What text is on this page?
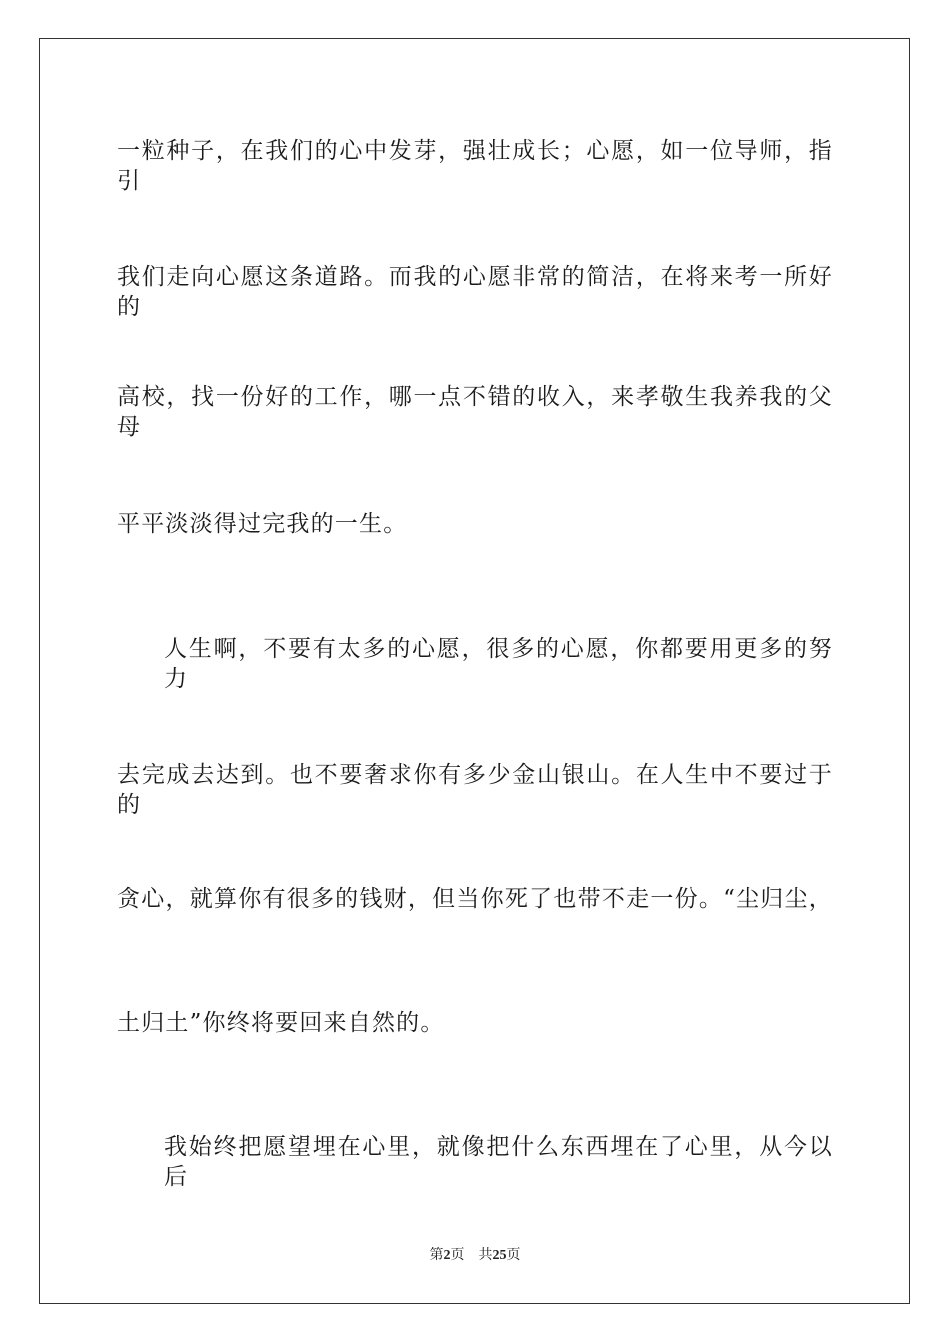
一粒种子，在我们的心中发芽，强壮成长；心愿，如一位导师，指引
我们走向心愿这条道路。而我的心愿非常的简洁，在将来考一所好的
高校，找一份好的工作，哪一点不错的收入，来孝敬生我养我的父母
平平淡淡得过完我的一生。
人生啊，不要有太多的心愿，很多的心愿，你都要用更多的努力
去完成去达到。也不要奢求你有多少金山银山。在人生中不要过于的
贪心，就算你有很多的钱财，但当你死了也带不走一份。“尘归尘，
土归土”你终将要回来自然的。
我始终把愿望埋在心里，就像把什么东西埋在了心里，从今以后
第2页 共25页
